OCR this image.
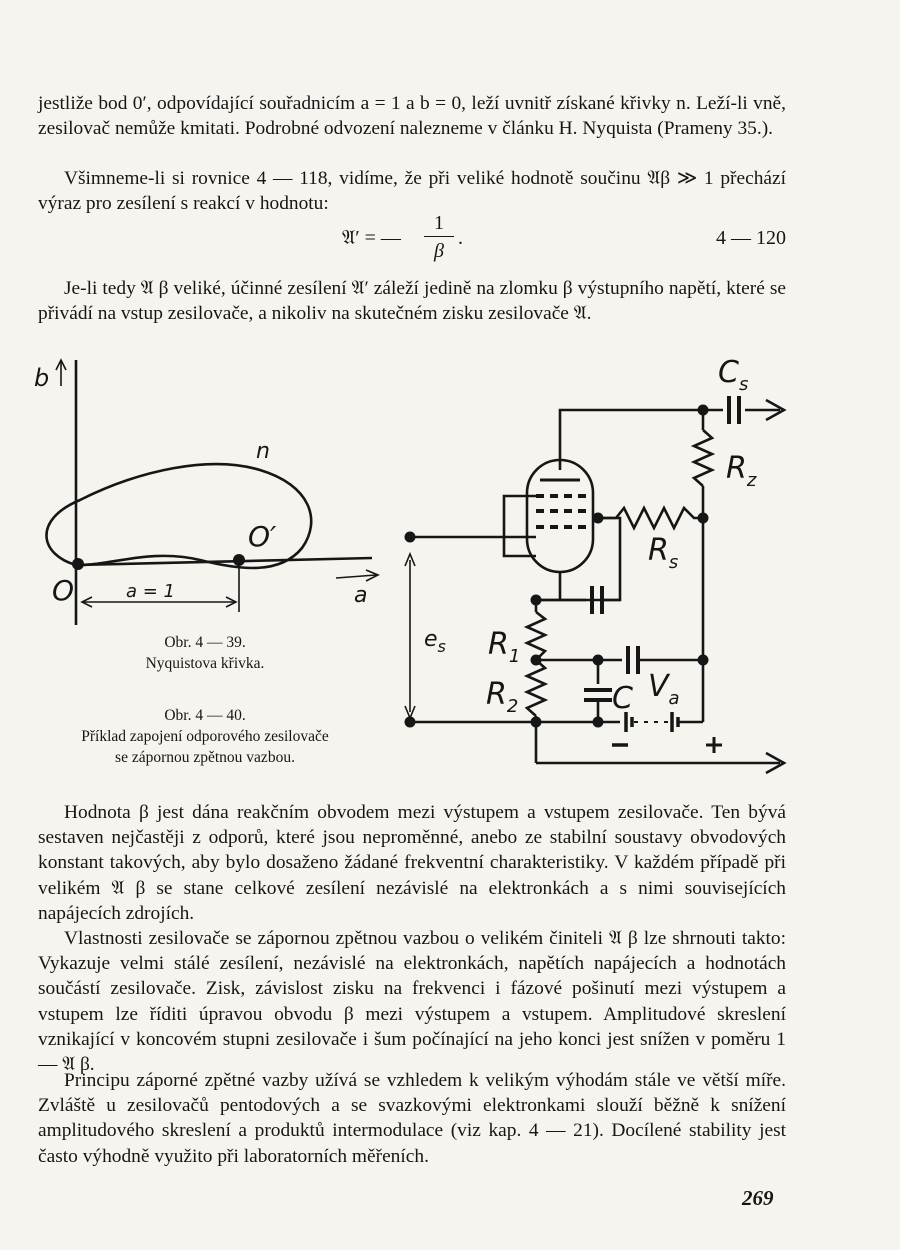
jestliže bod 0′, odpovídající souřadnicím a = 1 a b = 0, leží uvnitř získané křivky n. Leží-li vně, zesilovač nemůže kmitati. Podrobné odvození nalezneme v článku H. Nyquista (Prameny 35.).

Všimneme-li si rovnice 4 — 118, vidíme, že při veliké hodnotě součinu 𝔄β ≫ 1 přechází výraz pro zesílení s reakcí v hodnotu:

𝔄′ = —
1
β
.	4 — 120

Je-li tedy 𝔄 β veliké, účinné zesílení 𝔄′ záleží jedině na zlomku β výstupního napětí, které se přivádí na vstup zesilovače, a nikoliv na skutečném zisku zesilovače 𝔄.

b
n
O′
O	a = 1	a
Obr. 4 — 39.
Nyquistova křivka.
Obr. 4 — 40.
Příklad zapojení odporového zesilovače
se zápornou zpětnou vazbou.
$C_s$
$R_z$
$R_s$
$e_s$ $R_1$
$R_2$	C $V_a$
−	+

Hodnota β jest dána reakčním obvodem mezi výstupem a vstupem zesilovače. Ten bývá sestaven nejčastěji z odporů, které jsou neproměnné, anebo ze stabilní soustavy obvodových konstant takových, aby bylo dosaženo žádané frekventní charakteristiky. V každém případě při velikém 𝔄 β se stane celkové zesílení nezávislé na elektronkách a s nimi souvisejících napájecích zdrojích.

Vlastnosti zesilovače se zápornou zpětnou vazbou o velikém činiteli 𝔄 β lze shrnouti takto: Vykazuje velmi stálé zesílení, nezávislé na elektronkách, napětích napájecích a hodnotách součástí zesilovače. Zisk, závislost zisku na frekvenci i fázové pošinutí mezi výstupem a vstupem lze říditi úpravou obvodu β mezi výstupem a vstupem. Amplitudové skreslení vznikající v koncovém stupni zesilovače i šum počínající na jeho konci jest snížen v poměru 1 — 𝔄 β.

Principu záporné zpětné vazby užívá se vzhledem k velikým výhodám stále ve větší míře. Zvláště u zesilovačů pentodových a se svazkovými elektronkami slouží běžně k snížení amplitudového skreslení a produktů intermodulace (viz kap. 4 — 21). Docílené stability jest často výhodně využito při laboratorních měřeních.

269
